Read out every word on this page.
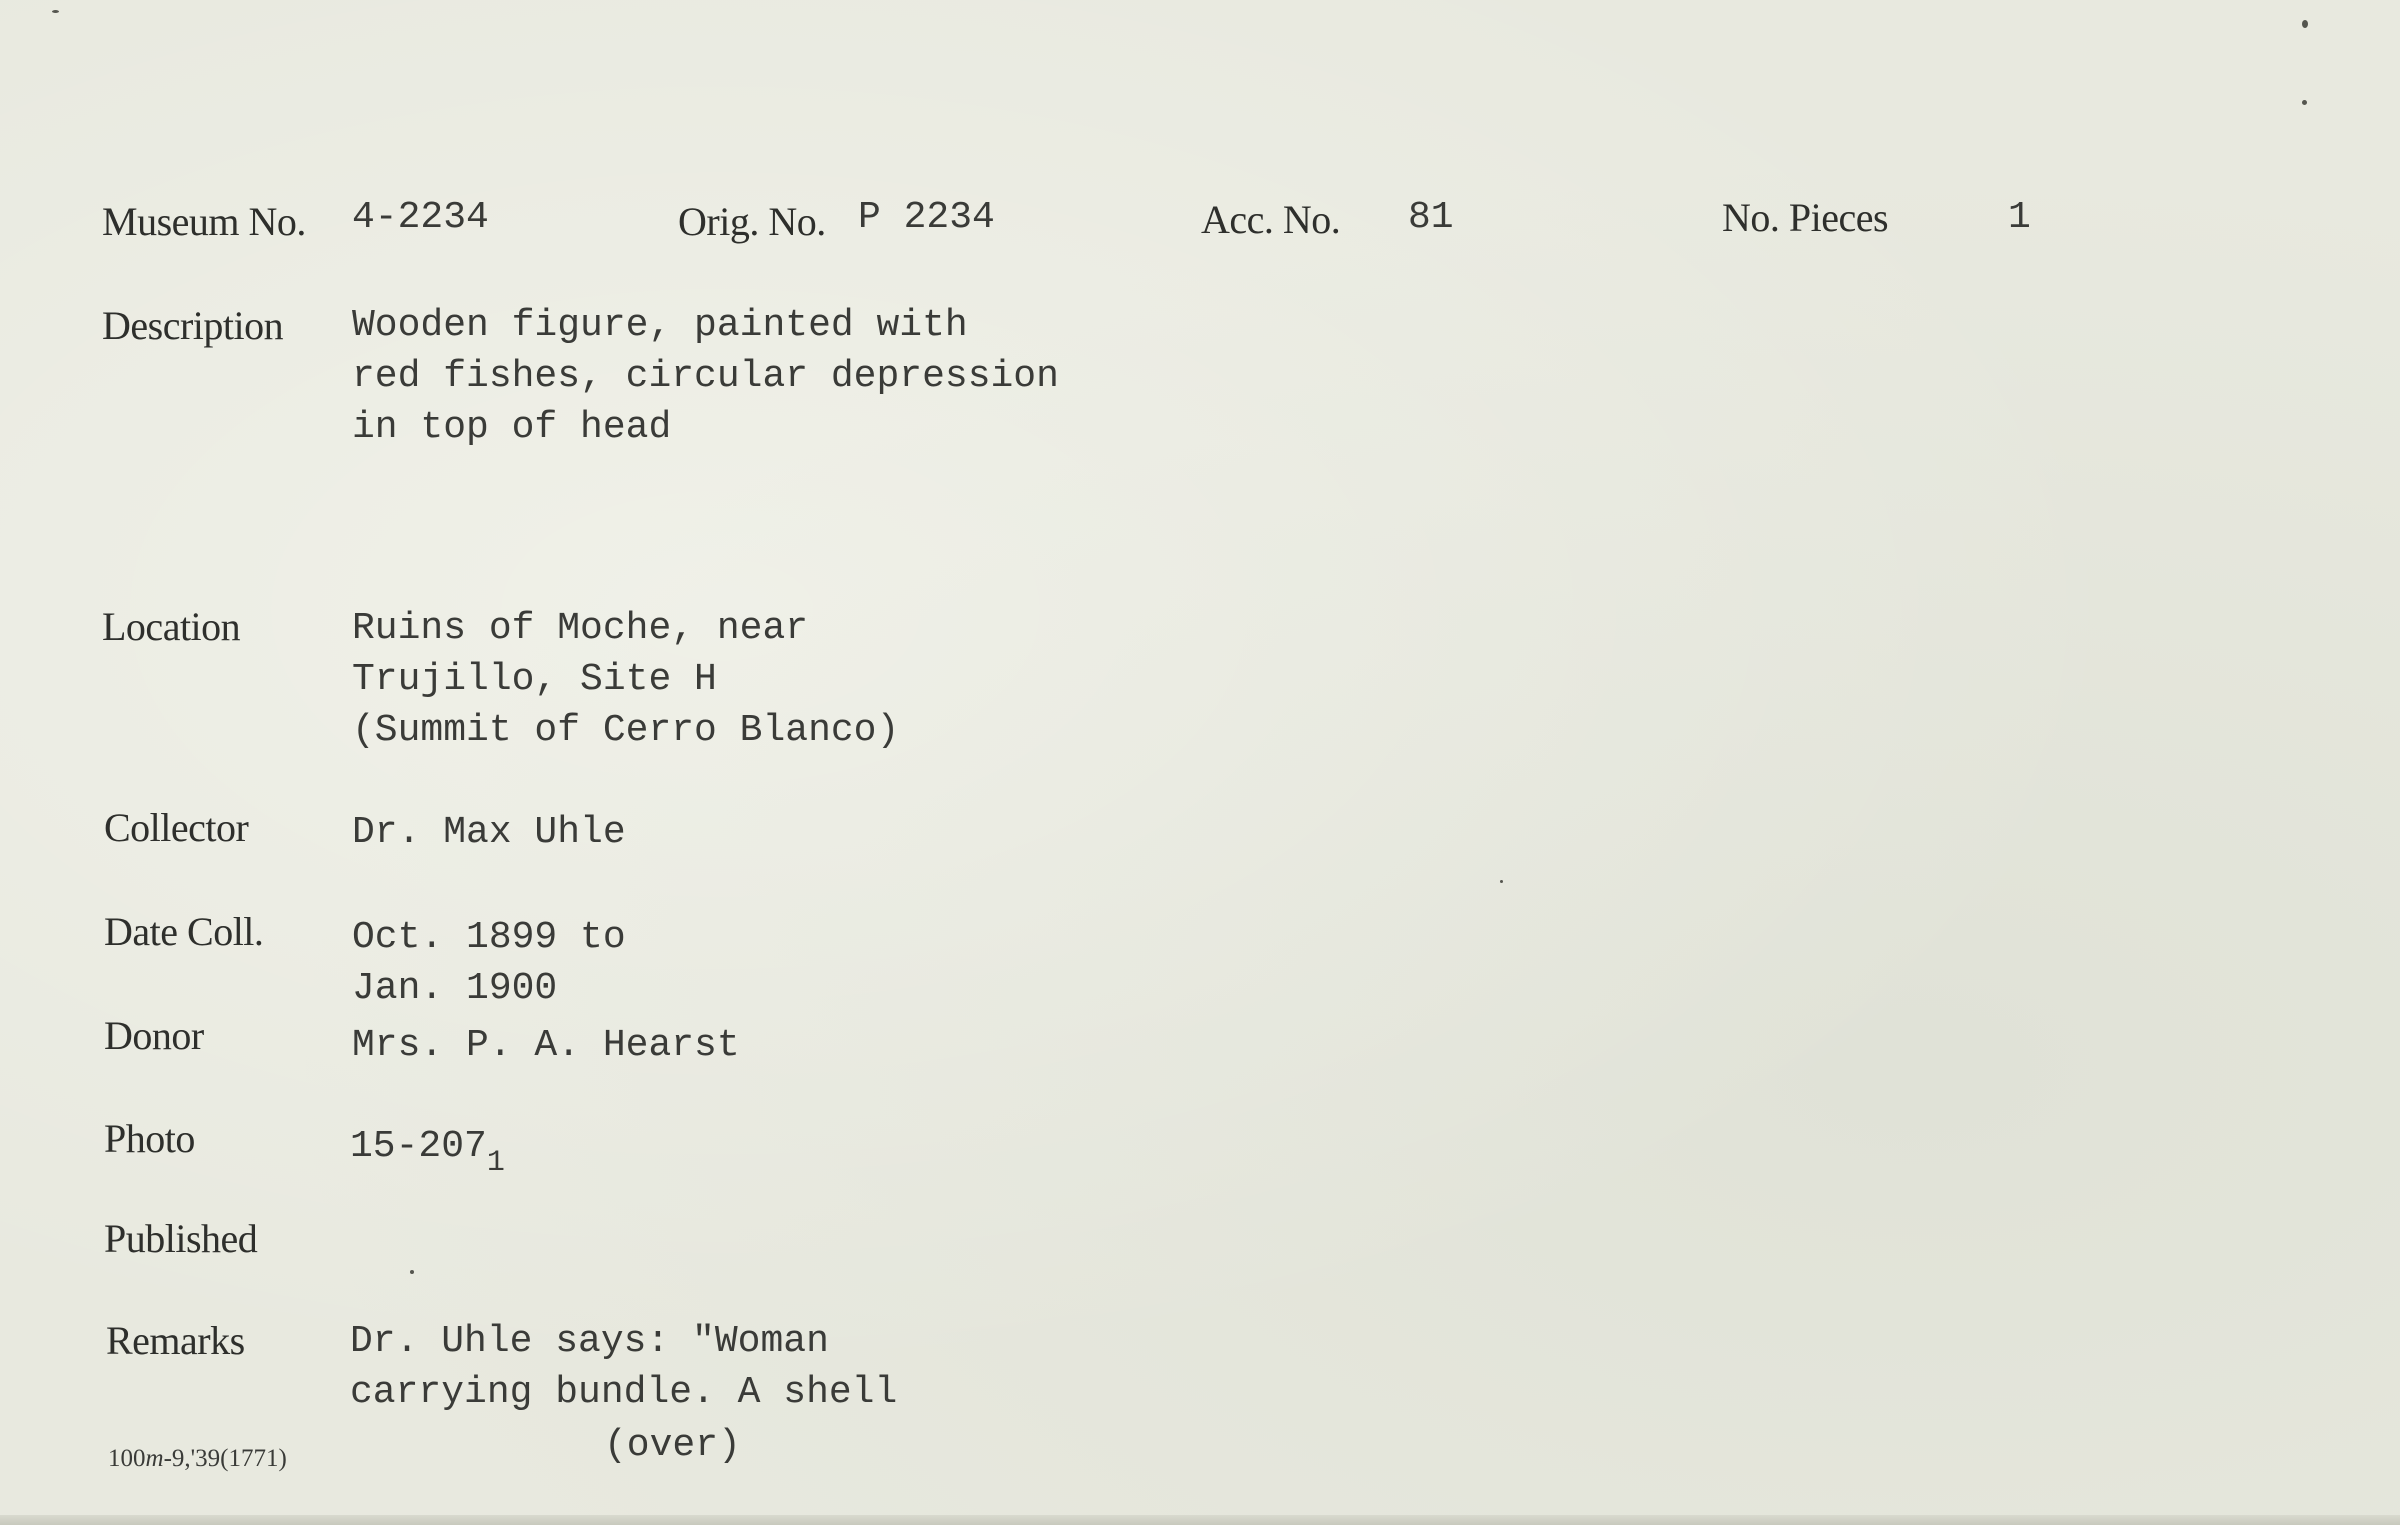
Museum No. 4-2234	Orig. No. P 2234	Acc. No. 81	No. Pieces	1
Description Wooden figure, painted with
red fishes, circular depression
in top of head
Location	Ruins of Moche, near
Trujillo, Site H
(Summit of Cerro Blanco)
Collector	Dr. Max Uhle
Date Coll. Oct. 1899 to
Jan. 1900
Donor	Mrs. P. A. Hearst
Photo	$15-207_1$
Published
Remarks	Dr. Uhle says: "Woman
carrying bundle. A shell
(over)
100m-9,'39(1771)
